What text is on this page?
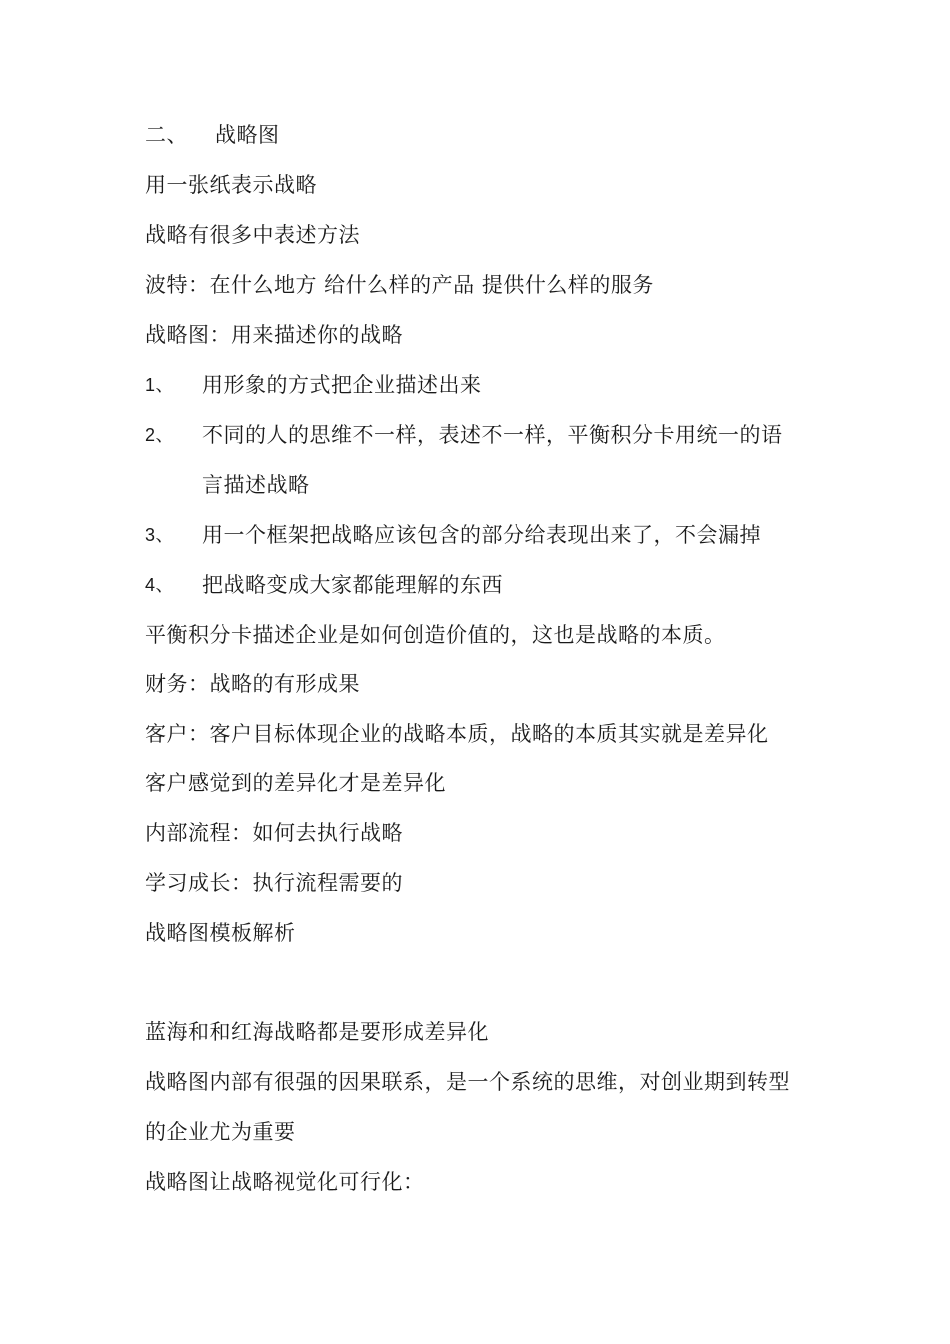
二、 战略图
用一张纸表示战略
战略有很多中表述方法
波特：在什么地方 给什么样的产品 提供什么样的服务
战略图：用来描述你的战略
1、 用形象的方式把企业描述出来
2、 不同的人的思维不一样，表述不一样，平衡积分卡用统一的语
言描述战略
3、 用一个框架把战略应该包含的部分给表现出来了，不会漏掉
4、 把战略变成大家都能理解的东西
平衡积分卡描述企业是如何创造价值的，这也是战略的本质。
财务：战略的有形成果
客户：客户目标体现企业的战略本质，战略的本质其实就是差异化
客户感觉到的差异化才是差异化
内部流程：如何去执行战略
学习成长：执行流程需要的
战略图模板解析
蓝海和和红海战略都是要形成差异化
战略图内部有很强的因果联系，是一个系统的思维，对创业期到转型
的企业尤为重要
战略图让战略视觉化可行化：
